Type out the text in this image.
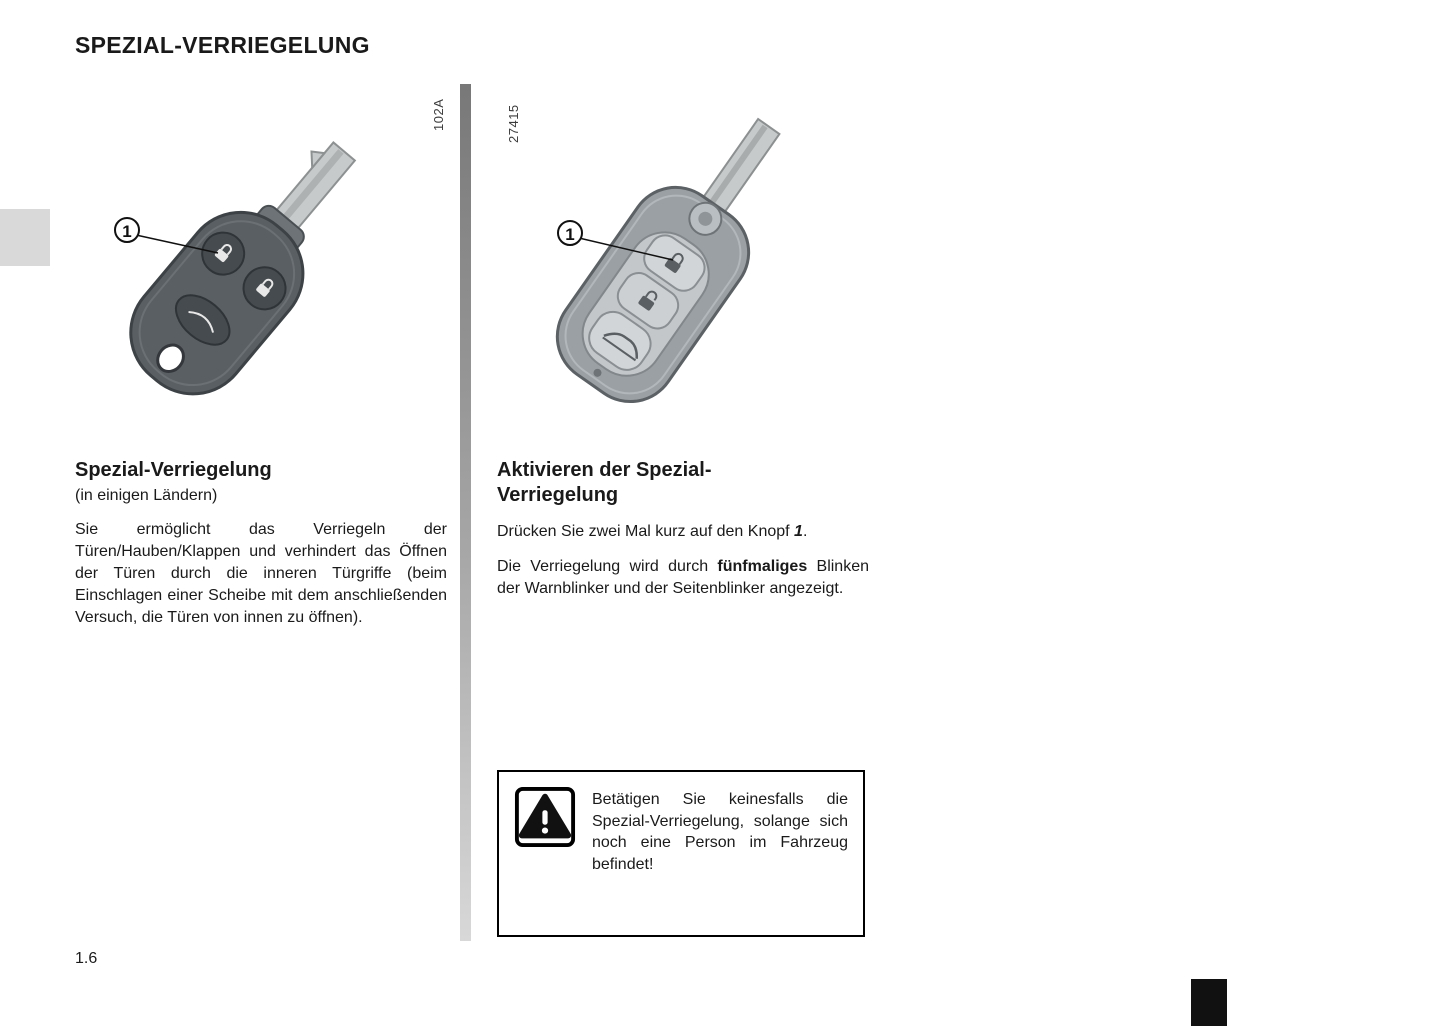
SPEZIAL-VERRIEGELUNG
102A	27415
1	1
Spezial-Verriegelung
(in einigen Ländern)

Sie ermöglicht das Verriegeln der Türen/Hauben/Klappen und verhindert das Öffnen der Türen durch die inneren Türgriffe (beim Einschlagen einer Scheibe mit dem anschließenden Versuch, die Türen von innen zu öffnen).

Aktivieren der Spezial-Verriegelung

Drücken Sie zwei Mal kurz auf den Knopf 1.

Die Verriegelung wird durch fünfmaliges Blinken der Warnblinker und der Seitenblinker angezeigt.

Betätigen Sie keinesfalls die Spezial-Verriegelung, solange sich noch eine Person im Fahrzeug befindet!

1.6
